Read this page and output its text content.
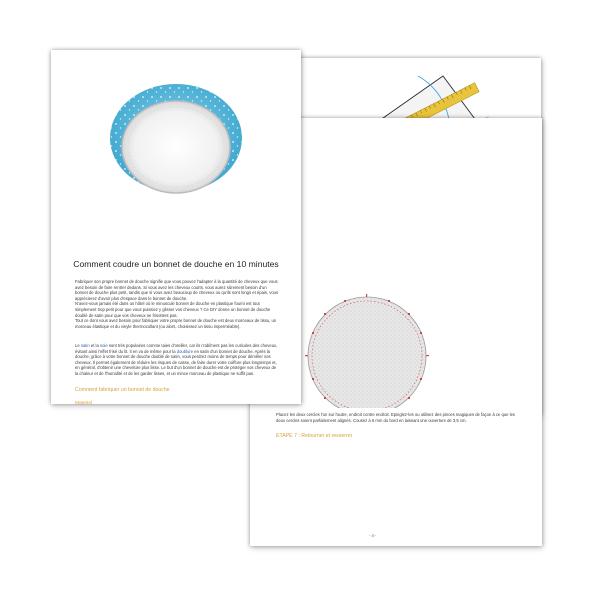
Placez les deux cercles l'un sur l'autre, endroit contre endroit. Epinglez-les ou utilisez des pinces magiques de façon à ce que les deux cercles soient parfaitement alignés. Cousez à 6 mm du bord en laissant une ouverture de 3,5 cm.
ETAPE 7 : Retourner et resserrer
- 4 -
Comment coudre un bonnet de douche en 10 minutes
Fabriquer son propre bonnet de douche signifie que vous pouvez l'adapter à la quantité de cheveux que vous avez besoin de faire rentrer dedans. Si vous avez les cheveux courts, vous aurez sûrement besoin d'un bonnet de douche plus petit, tandis que si vous avez beaucoup de cheveux ou qu'ils sont longs et épais, vous apprécierez d'avoir plus d'espace dans le bonnet de douche.
N'avez-vous jamais été dans un hôtel où le minuscule bonnet de douche en plastique fourni est tout simplement trop petit pour que vous puissiez y glisser vos cheveux ? Ce DIY donne un bonnet de douche doublé de satin pour que vos cheveux ne frisottent pas.
Tout ce dont vous avez besoin pour fabriquer votre propre bonnet de douche est deux morceaux de tissu, un morceau élastique et du vinyle thermocollant (ou alors, choisissez un tissu imperméable).
Le satin et la soie sont très populaires comme taies d'oreiller, car ils n'abîment pas les cuticules des cheveux, évitant ainsi l'effet frisé du lit. Il en va de même pour la doublure en satin d'un bonnet de douche. Après la douche, grâce à votre bonnet de douche doublé de satin, vous perdrez moins de temps pour démêler vos cheveux. Il permet également de réduire les risques de casse, de faire durer votre coiffure plus longtemps et, en général, d'obtenir une chevelure plus lisse. Le but d'un bonnet de douche est de protéger vos cheveux de la chaleur et de l'humidité et de les garder lisses, et un mince morceau de plastique ne suffit pas.
Comment fabriquer un bonnet de douche
Materiel
